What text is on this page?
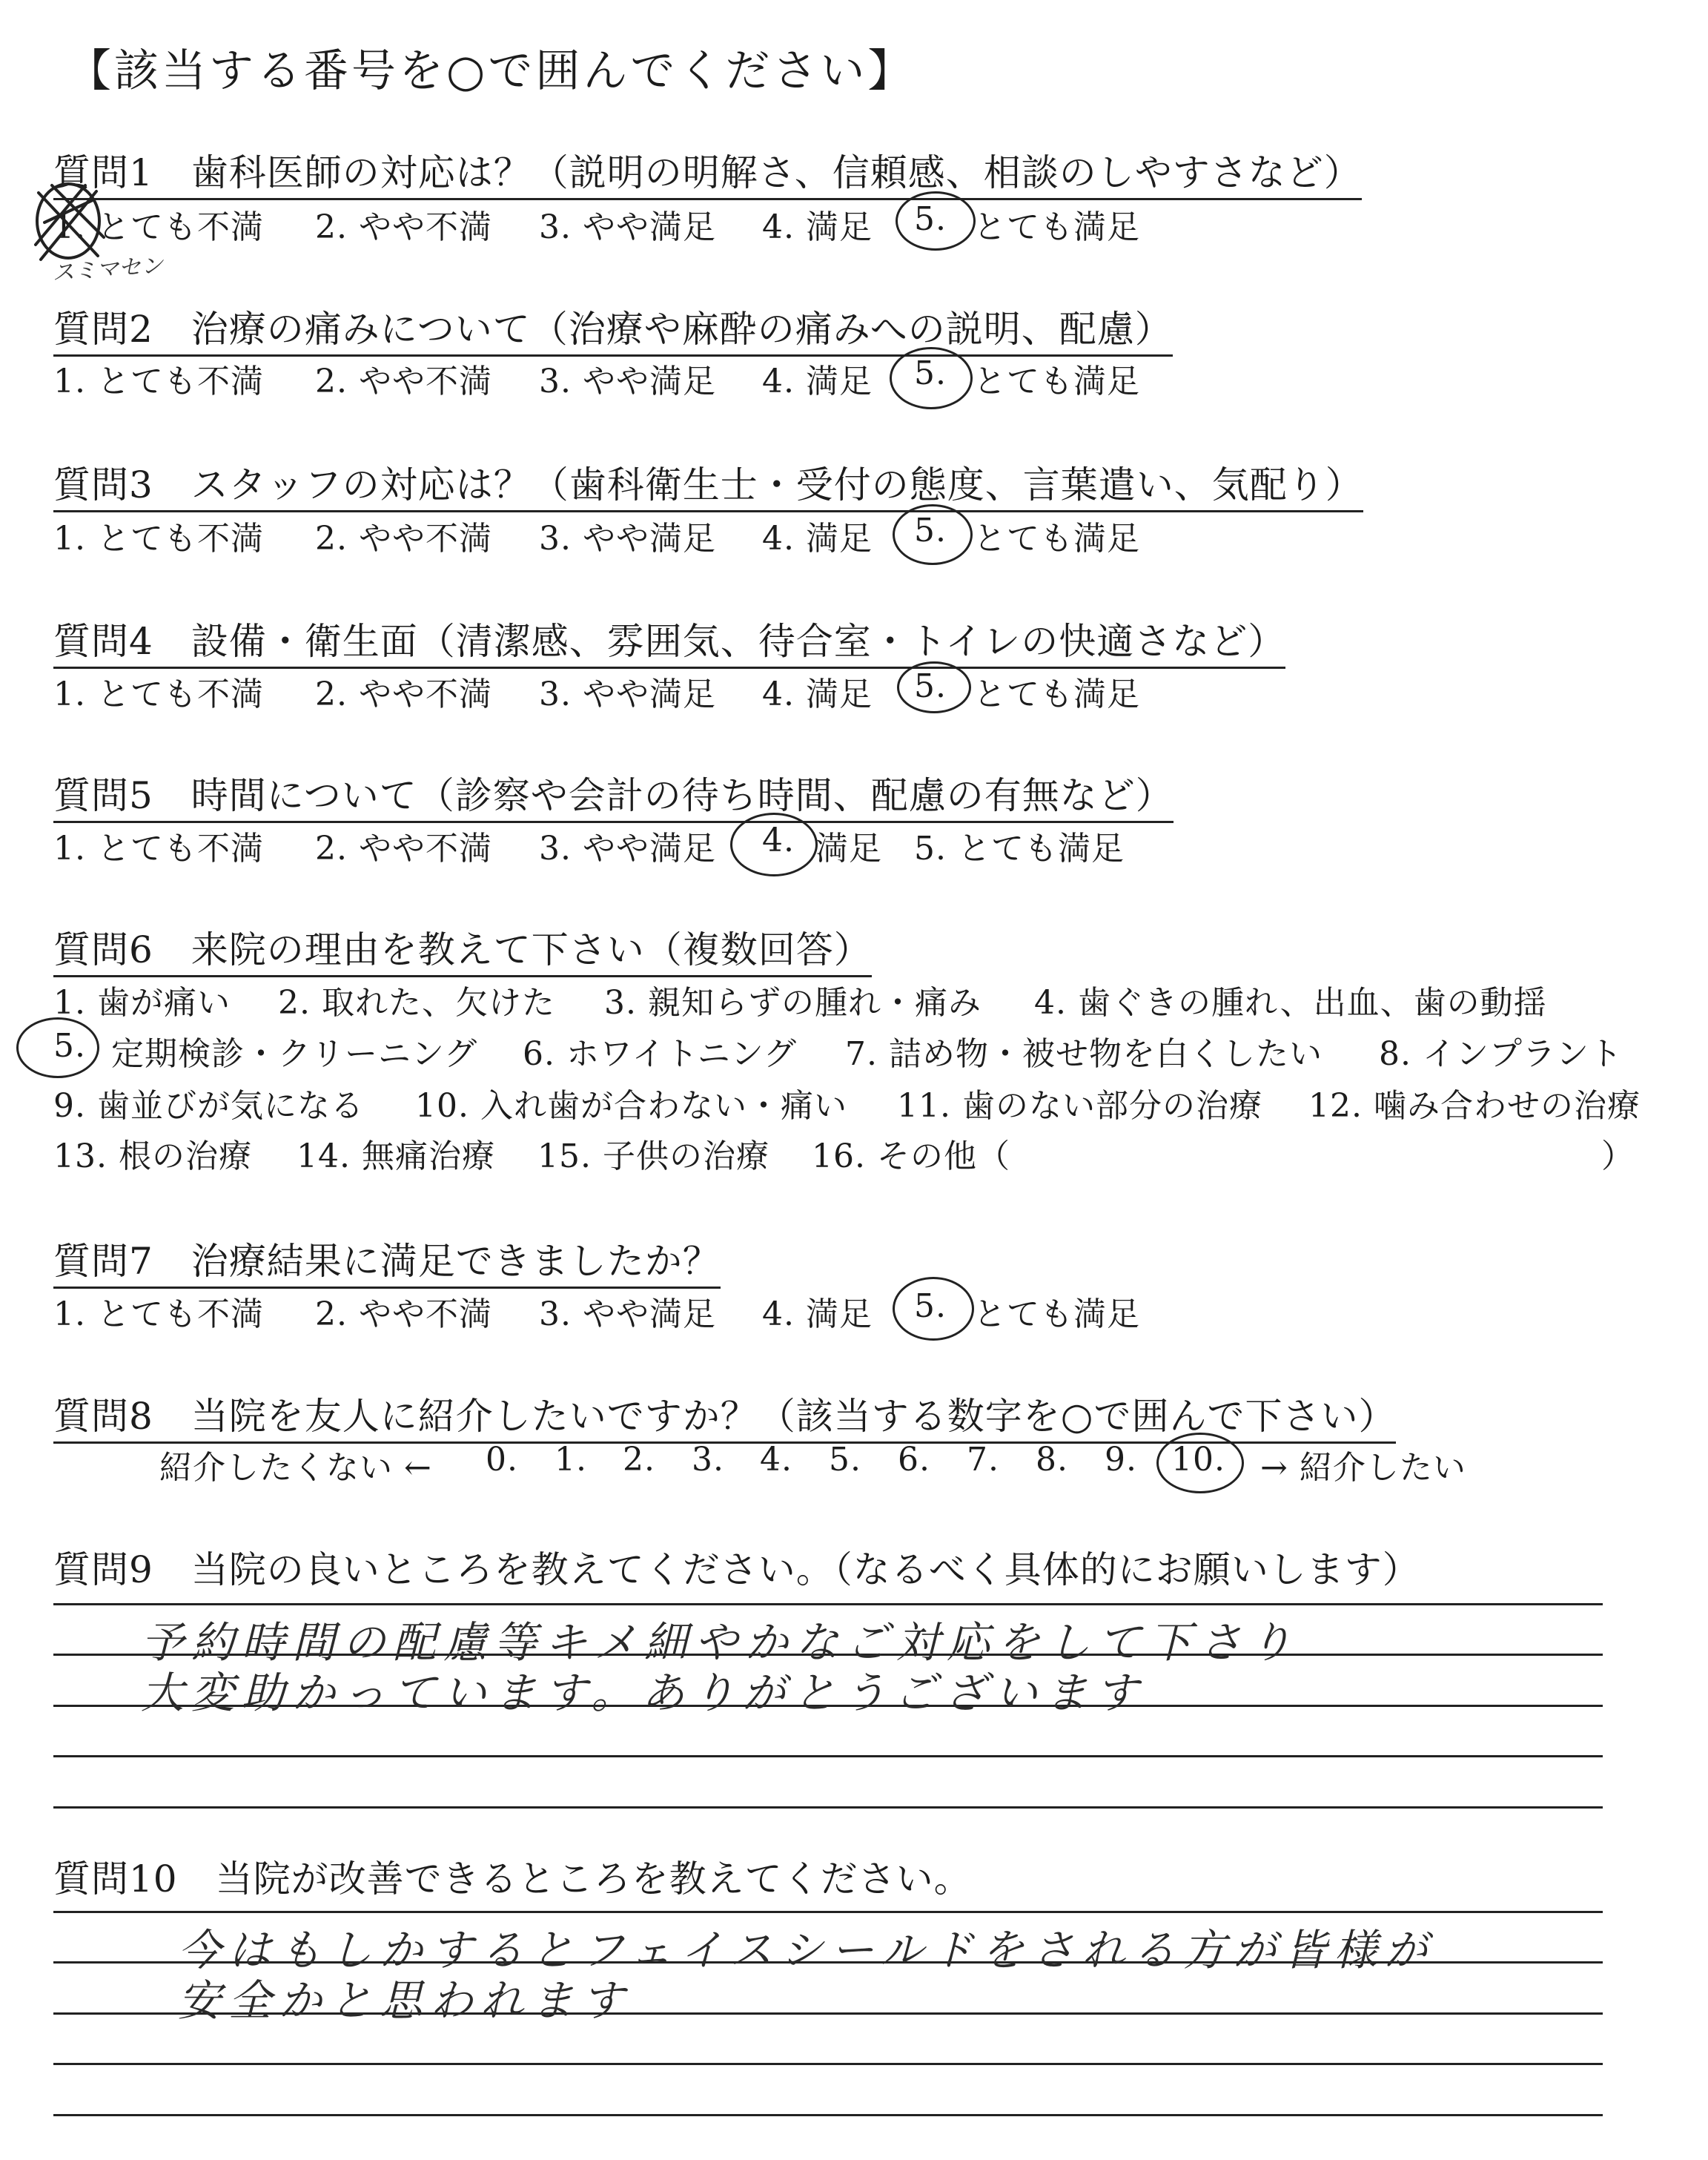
【該当する番号を○で囲んでください】
質問1　歯科医師の対応は？（説明の明解さ、信頼感、相談のしやすさなど）
1. とても不満 2. やや不満 3. やや満足 4. 満足 5. とても満足
スミマセン
質問2　治療の痛みについて（治療や麻酔の痛みへの説明、配慮）
1. とても不満 2. やや不満 3. やや満足 4. 満足 5. とても満足
質問3　スタッフの対応は？（歯科衛生士・受付の態度、言葉遣い、気配り）
1. とても不満 2. やや不満 3. やや満足 4. 満足 5. とても満足
質問4　設備・衛生面（清潔感、雰囲気、待合室・トイレの快適さなど）
1. とても不満 2. やや不満 3. やや満足 4. 満足 5. とても満足
質問5　時間について（診察や会計の待ち時間、配慮の有無など）
1. とても不満 2. やや不満 3. やや満足 4. 満足 5. とても満足
質問6　来院の理由を教えて下さい（複数回答）
1. 歯が痛い 2. 取れた、欠けた 3. 親知らずの腫れ・痛み 4. 歯ぐきの腫れ、出血、歯の動揺
5. 定期検診・クリーニング 6. ホワイトニング 7. 詰め物・被せ物を白くしたい 8. インプラント
9. 歯並びが気になる 10. 入れ歯が合わない・痛い 11. 歯のない部分の治療 12. 噛み合わせの治療
13. 根の治療 14. 無痛治療 15. 子供の治療 16. その他（	）
質問7　治療結果に満足できましたか？
1. とても不満 2. やや不満 3. やや満足 4. 満足 5. とても満足
質問8　当院を友人に紹介したいですか？（該当する数字を○で囲んで下さい）
紹介したくない ← 0. 1. 2. 3. 4. 5. 6. 7. 8. 9. 10. → 紹介したい
質問9　当院の良いところを教えてください。（なるべく具体的にお願いします）
予約時間の配慮等キメ細やかなご対応をして下さり
大変助かっています。ありがとうございます
質問10　当院が改善できるところを教えてください。
今はもしかするとフェイスシールドをされる方が皆様が
安全かと思われます
